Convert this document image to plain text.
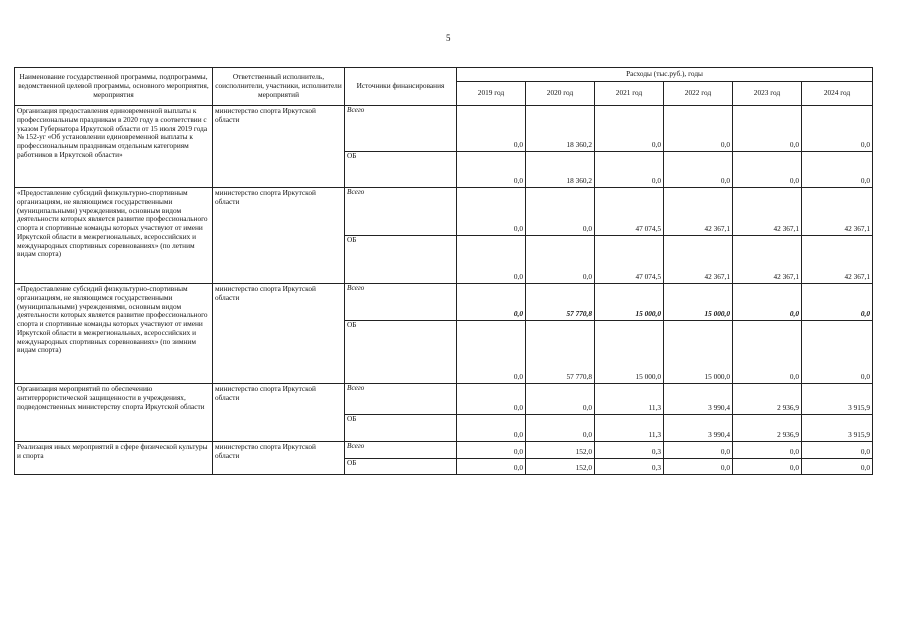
5
Наименование государственной программы, подпрограммы, ведомственной целевой программы, основного мероприятия, мероприятия	Ответственный исполнитель, соисполнители, участники, исполнители мероприятий	Источники финансирования	Расходы (тыс.руб.), годы					
			2019 год	2020 год	2021 год	2022 год	2023 год	2024 год
Организация предоставления единовременной выплаты к профессиональным праздникам в 2020 году в соответствии с указом Губернатора Иркутской области от 15 июля 2019 года № 152-уг «Об установлении единовременной выплаты к профессиональным праздникам отдельным категориям работников в Иркутской области»	министерство спорта Иркутской области	Всего	0,0	18 360,2	0,0	0,0	0,0	0,0
		ОБ	0,0	18 360,2	0,0	0,0	0,0	0,0
«Предоставление субсидий физкультурно-спортивным организациям, не являющимся государственными (муниципальными) учреждениями, основным видом деятельности которых является развитие профессионального спорта и спортивные команды которых участвуют от имени Иркутской области в межрегиональных, всероссийских и международных спортивных соревнованиях» (по летним видам спорта)	министерство спорта Иркутской области	Всего	0,0	0,0	47 074,5	42 367,1	42 367,1	42 367,1
		ОБ	0,0	0,0	47 074,5	42 367,1	42 367,1	42 367,1
«Предоставление субсидий физкультурно-спортивным организациям, не являющимся государственными (муниципальными) учреждениями, основным видом деятельности которых является развитие профессионального спорта и спортивные команды которых участвуют от имени Иркутской области в межрегиональных, всероссийских и международных спортивных соревнованиях» (по зимним видам спорта)	министерство спорта Иркутской области	Всего	0,0	57 770,8	15 000,0	15 000,0	0,0	0,0
		ОБ	0,0	57 770,8	15 000,0	15 000,0	0,0	0,0
Организация мероприятий по обеспечению антитеррористической защищенности в учреждениях, подведомственных министерству спорта Иркутской области	министерство спорта Иркутской области	Всего	0,0	0,0	11,3	3 990,4	2 936,9	3 915,9
		ОБ	0,0	0,0	11,3	3 990,4	2 936,9	3 915,9
Реализация иных мероприятий в сфере физической культуры и спорта	министерство спорта Иркутской области	Всего	0,0	152,0	0,3	0,0	0,0	0,0
		ОБ	0,0	152,0	0,3	0,0	0,0	0,0
